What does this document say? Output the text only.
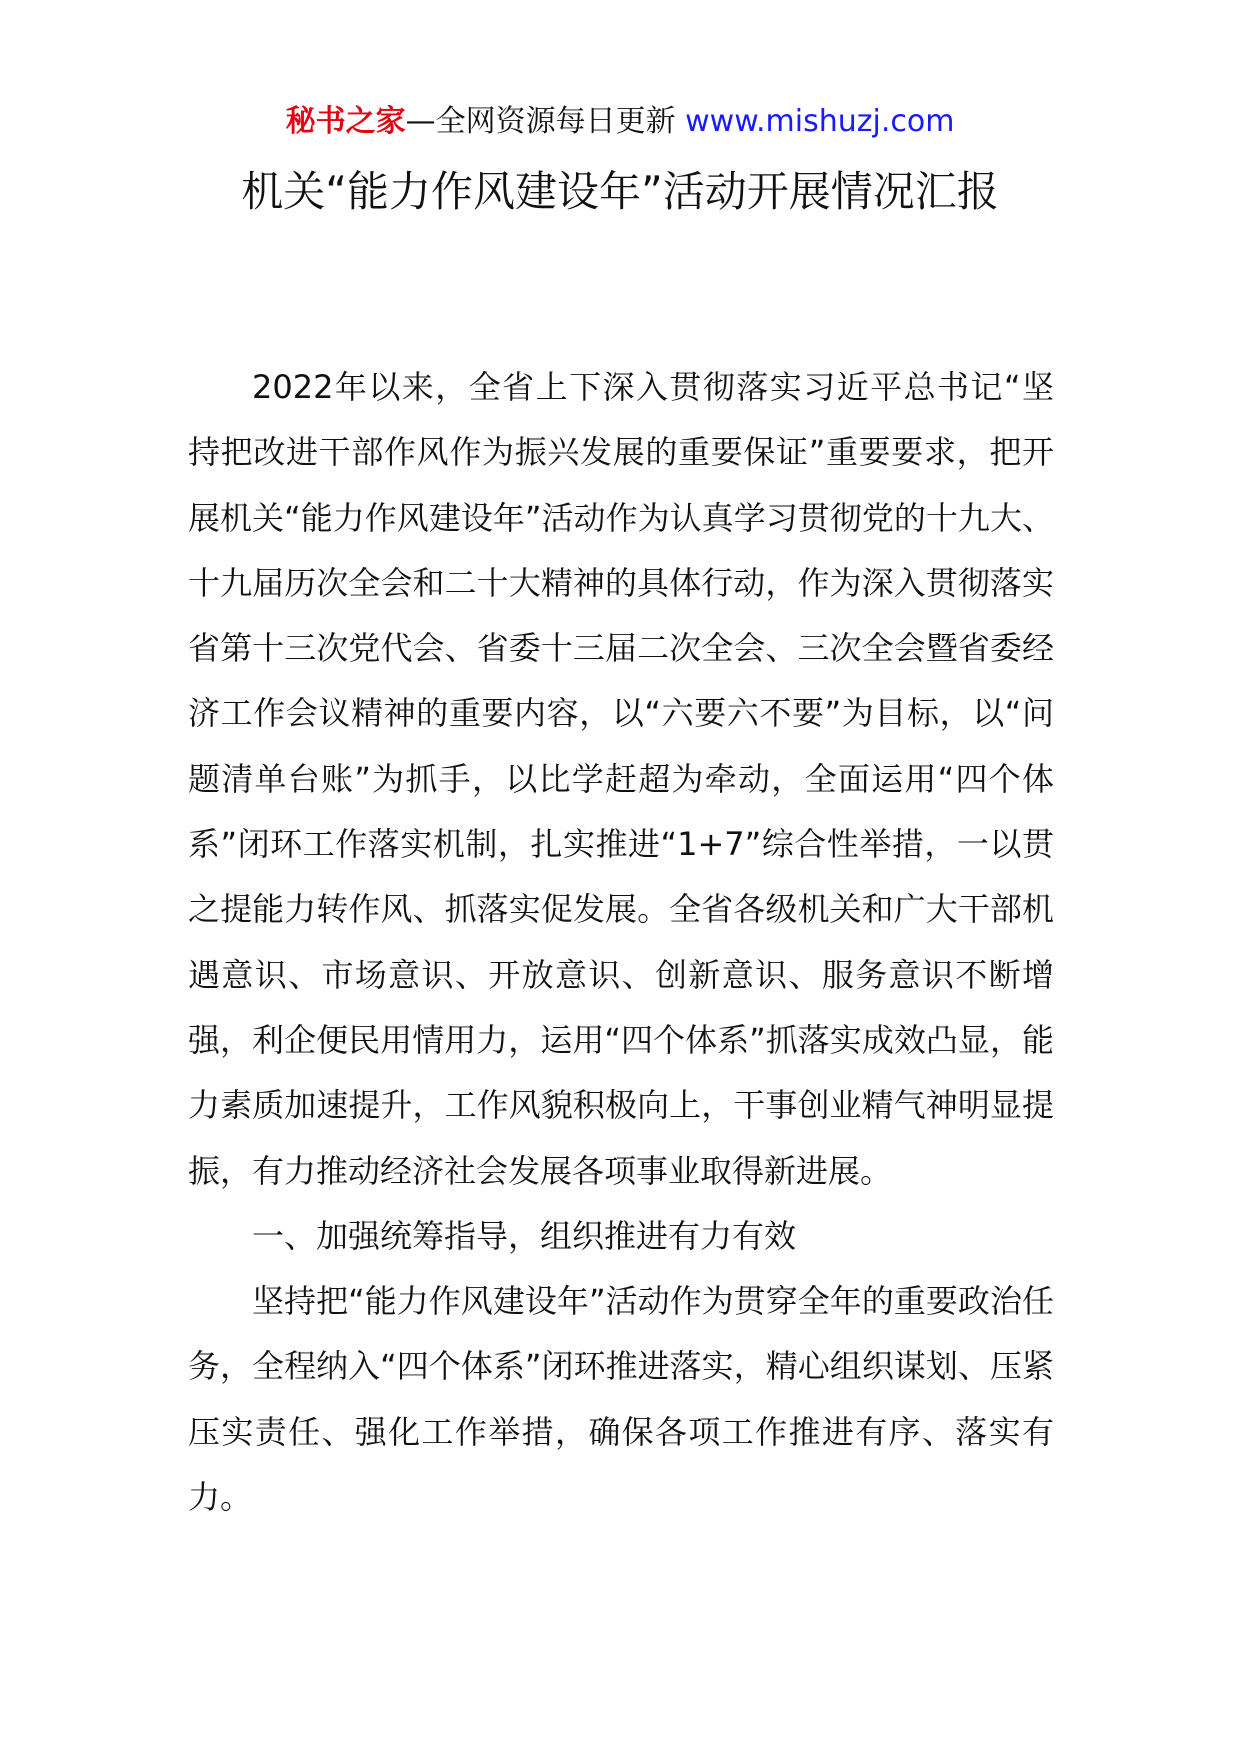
秘书之家—全网资源每日更新 www.mishuzj.com
机关“能力作风建设年”活动开展情况汇报

2022年以来，全省上下深入贯彻落实习近平总书记“坚持把改进干部作风作为振兴发展的重要保证”重要要求，把开展机关“能力作风建设年”活动作为认真学习贯彻党的十九大、十九届历次全会和二十大精神的具体行动，作为深入贯彻落实省第十三次党代会、省委十三届二次全会、三次全会暨省委经济工作会议精神的重要内容，以“六要六不要”为目标，以“问题清单台账”为抓手，以比学赶超为牵动，全面运用“四个体系”闭环工作落实机制，扎实推进“1+7”综合性举措，一以贯之提能力转作风、抓落实促发展。全省各级机关和广大干部机遇意识、市场意识、开放意识、创新意识、服务意识不断增强，利企便民用情用力，运用“四个体系”抓落实成效凸显，能力素质加速提升，工作风貌积极向上，干事创业精气神明显提振，有力推动经济社会发展各项事业取得新进展。

一、加强统筹指导，组织推进有力有效

坚持把“能力作风建设年”活动作为贯穿全年的重要政治任务，全程纳入“四个体系”闭环推进落实，精心组织谋划、压紧压实责任、强化工作举措，确保各项工作推进有序、落实有力。
